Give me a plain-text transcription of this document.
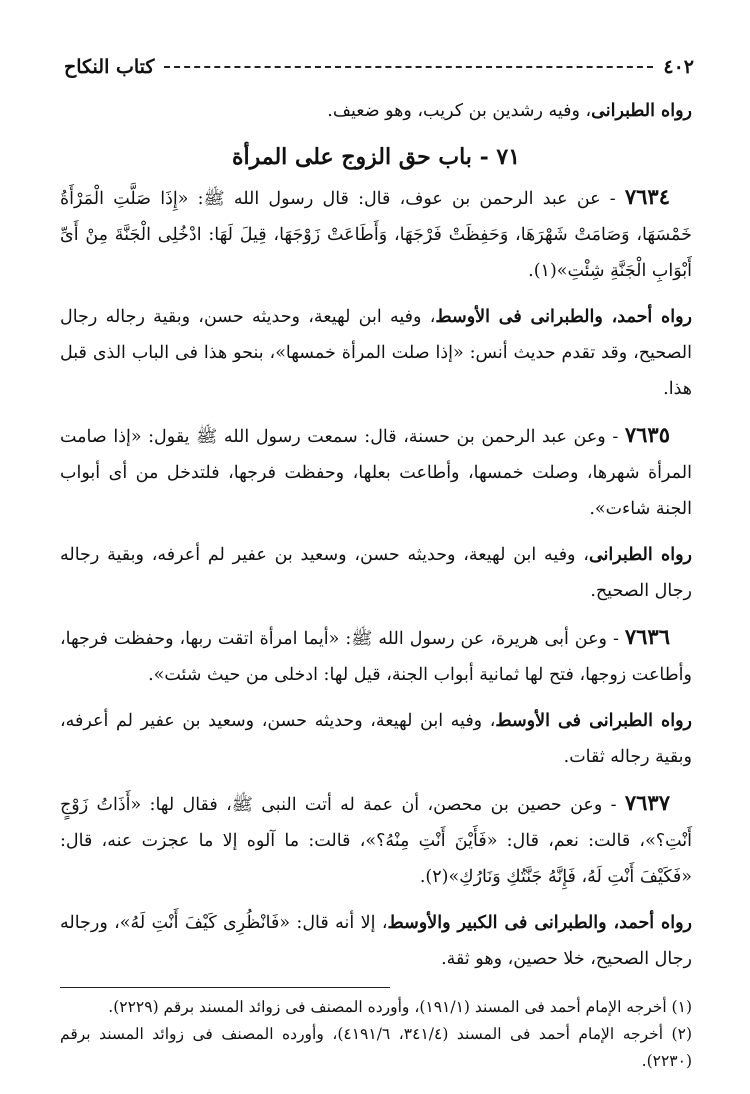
٤٠٢
كتاب النكاح

رواه الطبرانى، وفيه رشدين بن كريب، وهو ضعيف.

٧١ - باب حق الزوج على المرأة

٧٦٣٤ - عن عبد الرحمن بن عوف، قال: قال رسول الله ﷺ: «إِذَا صَلَّتِ الْمَرْأَةُ خَمْسَهَا، وَصَامَتْ شَهْرَهَا، وَحَفِظَتْ فَرْجَهَا، وَأَطَاعَتْ زَوْجَهَا، قِيلَ لَهَا: ادْخُلِى الْجَنَّةَ مِنْ أَىِّ أَبْوَابِ الْجَنَّةِ شِئْتِ»(١).

رواه أحمد، والطبرانى فى الأوسط، وفيه ابن لهيعة، وحديثه حسن، وبقية رجاله رجال الصحيح، وقد تقدم حديث أنس: «إذا صلت المرأة خمسها»، بنحو هذا فى الباب الذى قبل هذا.

٧٦٣٥ - وعن عبد الرحمن بن حسنة، قال: سمعت رسول الله ﷺ يقول: «إذا صامت المرأة شهرها، وصلت خمسها، وأطاعت بعلها، وحفظت فرجها، فلتدخل من أى أبواب الجنة شاءت».

رواه الطبرانى، وفيه ابن لهيعة، وحديثه حسن، وسعيد بن عفير لم أعرفه، وبقية رجاله رجال الصحيح.

٧٦٣٦ - وعن أبى هريرة، عن رسول الله ﷺ: «أيما امرأة اتقت ربها، وحفظت فرجها، وأطاعت زوجها، فتح لها ثمانية أبواب الجنة، قيل لها: ادخلى من حيث شئت».

رواه الطبرانى فى الأوسط، وفيه ابن لهيعة، وحديثه حسن، وسعيد بن عفير لم أعرفه، وبقية رجاله ثقات.

٧٦٣٧ - وعن حصين بن محصن، أن عمة له أتت النبى ﷺ، فقال لها: «أَذَاتُ زَوْجٍ أَنْتِ؟»، قالت: نعم، قال: «فَأَيْنَ أَنْتِ مِنْهُ؟»، قالت: ما آلوه إلا ما عجزت عنه، قال: «فَكَيْفَ أَنْتِ لَهُ، فَإِنَّهُ جَنَّتُكِ وَنَارُكِ»(٢).

رواه أحمد، والطبرانى فى الكبير والأوسط، إلا أنه قال: «فَانْظُرِى كَيْفَ أَنْتِ لَهُ»، ورجاله رجال الصحيح، خلا حصين، وهو ثقة.

(١) أخرجه الإمام أحمد فى المسند (١٩١/١)، وأورده المصنف فى زوائد المسند برقم (٢٢٢٩).

(٢) أخرجه الإمام أحمد فى المسند (٣٤١/٤، ٤١٩١/٦)، وأورده المصنف فى زوائد المسند برقم (٢٢٣٠).
